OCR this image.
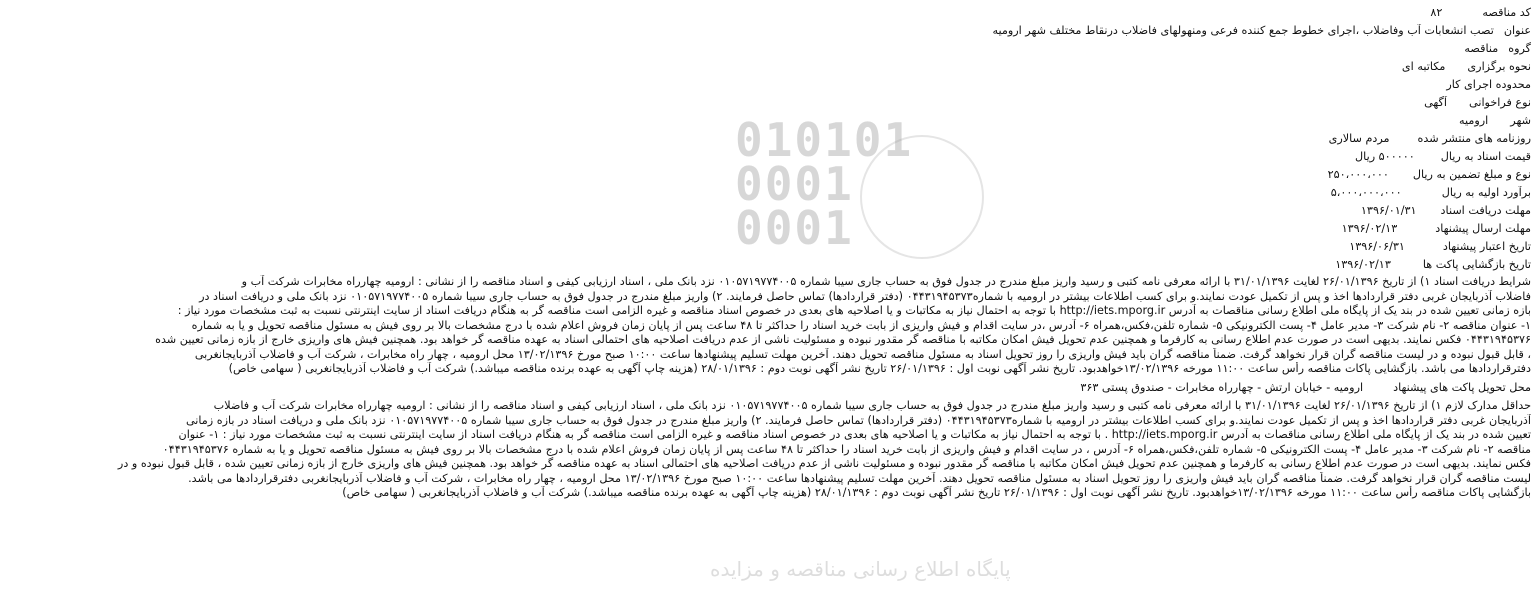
010101
0001
0001
پایگاه اطلاع رسانی مناقصه و مزایده
کد مناقصه
۸۲
عنوان
تصب انشعابات آب وفاضلاب ،اجرای خطوط جمع کننده فرعی ومنهولهای فاضلاب درنقاط مختلف شهر ارومیه
گروه
مناقصه
نحوه برگزاری
مکاتبه ای
محدوده اجرای کار
نوع فراخوانی
آگهی
شهر
ارومیه
روزنامه های منتشر شده
مردم سالاری
قیمت اسناد به ریال
۵۰۰۰۰۰ ریال
نوع و مبلغ تضمین به ریال
۲۵۰،۰۰۰،۰۰۰
برآورد اولیه به ریال
۵،۰۰۰،۰۰۰،۰۰۰
مهلت دریافت اسناد
۱۳۹۶/۰۱/۳۱
مهلت ارسال پیشنهاد
۱۳۹۶/۰۲/۱۳
تاریخ اعتبار پیشنهاد
۱۳۹۶/۰۶/۳۱
تاریخ بازگشایی پاکت ها
۱۳۹۶/۰۲/۱۳
شرایط دریافت اسناد ۱) از تاریخ ۲۶/۰۱/۱۳۹۶ لغایت ۳۱/۰۱/۱۳۹۶ با ارائه معرفی نامه کتبی و رسید واریز مبلغ مندرج در جدول فوق به حساب جاری سیبا شماره ۰۱۰۵۷۱۹۷۷۴۰۰۵ نزد بانک ملی ، اسناد ارزیابی کیفی و اسناد مناقصه را از نشانی : ارومیه چهارراه مخابرات شرکت آب و
فاضلاب آذربایجان غربی دفتر قراردادها اخذ و پس از تکمیل عودت نمایند.و برای کسب اطلاعات بیشتر در ارومیه با شماره۰۴۴۳۱۹۴۵۳۷۳ (دفتر قراردادها) تماس حاصل فرمایند. ۲) واریز مبلغ مندرج در جدول فوق به حساب جاری سیبا شماره ۰۱۰۵۷۱۹۷۷۴۰۰۵ نزد بانک ملی و دریافت اسناد در
بازه زمانی تعیین شده در بند یک از پایگاه ملی اطلاع رسانی مناقصات به آدرس http://iets.mporg.ir با توجه به احتمال نیاز به مکاتبات و یا اصلاحیه های بعدی در خصوص اسناد مناقصه و غیره الزامی است مناقصه گر به هنگام دریافت اسناد از سایت اینترنتی نسبت به ثبت مشخصات مورد نیاز :
۱- عنوان مناقصه ۲- نام شرکت ۳- مدیر عامل ۴- پست الکترونیکی ۵- شماره تلفن،فکس،همراه ۶- آدرس ،در سایت اقدام و فیش واریزی از بابت خرید اسناد را حداکثر تا ۴۸ ساعت پس از پایان زمان فروش اعلام شده با درج مشخصات بالا بر روی فیش به مسئول مناقصه تحویل و یا به شماره
۰۴۴۳۱۹۴۵۳۷۶ فکس نمایند. بدیهی است در صورت عدم اطلاع رسانی به کارفرما و همچنین عدم تحویل فیش امکان مکاتبه با مناقصه گر مقدور نبوده و مسئولیت ناشی از عدم دریافت اصلاحیه های احتمالی اسناد به عهده مناقصه گر خواهد بود. همچنین فیش های واریزی خارج از بازه زمانی تعیین شده
، قابل قبول نبوده و در لیست مناقصه گران قرار نخواهد گرفت. ضمناً مناقصه گران باید فیش واریزی را روز تحویل اسناد به مسئول مناقصه تحویل دهند. آخرین مهلت تسلیم پیشنهادها ساعت ۱۰:۰۰ صبح مورخ ۱۳/۰۲/۱۳۹۶ محل ارومیه ، چهار راه مخابرات ، شرکت آب و فاضلاب آذربایجانغربی
دفترقراردادها می باشد. بازگشایی پاکات مناقصه رأس ساعت ۱۱:۰۰ مورخه ۱۳/۰۲/۱۳۹۶خواهدبود. تاریخ نشر آگهی نوبت اول : ۲۶/۰۱/۱۳۹۶ تاریخ نشر آگهی نوبت دوم : ۲۸/۰۱/۱۳۹۶ (هزینه چاپ آگهی به عهده برنده مناقصه میباشد.) شرکت آب و فاضلاب آذربایجانغربی ( سهامی خاص)
محل تحویل پاکت های پیشنهاد
ارومیه - خیابان ارتش - چهارراه مخابرات - صندوق پستی ۳۶۳
حداقل مدارک لازم ۱) از تاریخ ۲۶/۰۱/۱۳۹۶ لغایت ۳۱/۰۱/۱۳۹۶ با ارائه معرفی نامه کتبی و رسید واریز مبلغ مندرج در جدول فوق به حساب جاری سیبا شماره ۰۱۰۵۷۱۹۷۷۴۰۰۵ نزد بانک ملی ، اسناد ارزیابی کیفی و اسناد مناقصه را از نشانی : ارومیه چهارراه مخابرات شرکت آب و فاضلاب
آذربایجان غربی دفتر قراردادها اخذ و پس از تکمیل عودت نمایند.و برای کسب اطلاعات بیشتر در ارومیه با شماره۰۴۴۳۱۹۴۵۳۷۳ (دفتر قراردادها) تماس حاصل فرمایند. ۲) واریز مبلغ مندرج در جدول فوق به حساب جاری سیبا شماره ۰۱۰۵۷۱۹۷۷۴۰۰۵ نزد بانک ملی و دریافت اسناد در بازه زمانی
تعیین شده در بند یک از پایگاه ملی اطلاع رسانی مناقصات به آدرس http://iets.mporg.ir . با توجه به احتمال نیاز به مکاتبات و یا اصلاحیه های بعدی در خصوص اسناد مناقصه و غیره الزامی است مناقصه گر به هنگام دریافت اسناد از سایت اینترنتی نسبت به ثبت مشخصات مورد نیاز : ۱- عنوان
مناقصه ۲- نام شرکت ۳- مدیر عامل ۴- پست الکترونیکی ۵- شماره تلفن،فکس،همراه ۶- آدرس ، در سایت اقدام و فیش واریزی از بابت خرید اسناد را حداکثر تا ۴۸ ساعت پس از پایان زمان فروش اعلام شده با درج مشخصات بالا بر روی فیش به مسئول مناقصه تحویل و یا به شماره ۰۴۴۳۱۹۴۵۳۷۶
فکس نمایند. بدیهی است در صورت عدم اطلاع رسانی به کارفرما و همچنین عدم تحویل فیش امکان مکاتبه با مناقصه گر مقدور نبوده و مسئولیت ناشی از عدم دریافت اصلاحیه های احتمالی اسناد به عهده مناقصه گر خواهد بود. همچنین فیش های واریزی خارج از بازه زمانی تعیین شده ، قابل قبول نبوده و در
لیست مناقصه گران قرار نخواهد گرفت. ضمناً مناقصه گران باید فیش واریزی را روز تحویل اسناد به مسئول مناقصه تحویل دهند. آخرین مهلت تسلیم پیشنهادها ساعت ۱۰:۰۰ صبح مورخ ۱۳/۰۲/۱۳۹۶ محل ارومیه ، چهار راه مخابرات ، شرکت آب و فاضلاب آذربایجانغربی دفترقراردادها می باشد.
بازگشایی پاکات مناقصه رأس ساعت ۱۱:۰۰ مورخه ۱۳/۰۲/۱۳۹۶خواهدبود. تاریخ نشر آگهی نوبت اول : ۲۶/۰۱/۱۳۹۶ تاریخ نشر آگهی نوبت دوم : ۲۸/۰۱/۱۳۹۶ (هزینه چاپ آگهی به عهده برنده مناقصه میباشد.) شرکت آب و فاضلاب آذربایجانغربی ( سهامی خاص)
